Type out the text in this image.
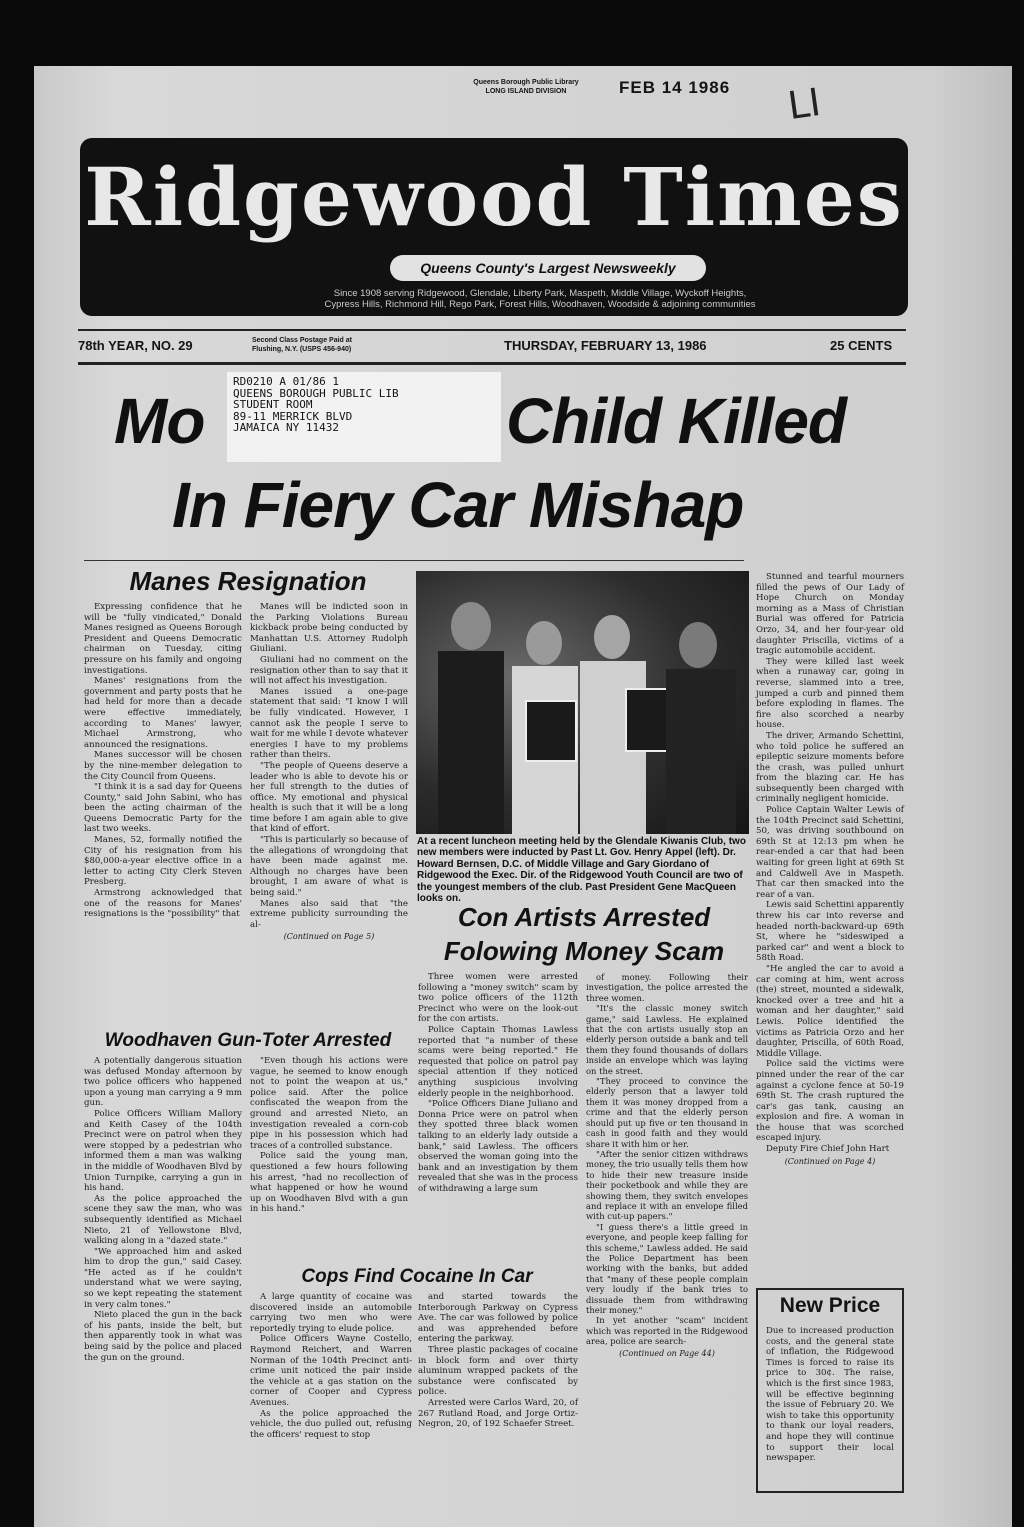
Queens Borough Public Library
LONG ISLAND DIVISION	FEB 14 1986 LI
Ridgewood Times
Queens County's Largest Newsweekly
Since 1908 serving Ridgewood, Glendale, Liberty Park, Maspeth, Middle Village, Wyckoff Heights,
Cypress Hills, Richmond Hill, Rego Park, Forest Hills, Woodhaven, Woodside & adjoining communities
78th YEAR, NO. 29	Second Class Postage Paid at
Flushing, N.Y. (USPS 456-940)	THURSDAY, FEBRUARY 13, 1986	25 CENTS
Mo	Child Killed
In Fiery Car Mishap
RD0210 A 01/86 1
QUEENS BOROUGH PUBLIC LIB
STUDENT ROOM
89-11 MERRICK BLVD
JAMAICA NY 11432
Manes Resignation

Expressing confidence that he will be "fully vindicated," Donald Manes resigned as Queens Borough President and Queens Democratic chairman on Tuesday, citing pressure on his family and ongoing investigations.

Manes' resignations from the government and party posts that he had held for more than a decade were effective immediately, according to Manes' lawyer, Michael Armstrong, who announced the resignations.

Manes successor will be chosen by the nine-member delegation to the City Council from Queens.

"I think it is a sad day for Queens County," said John Sabini, who has been the acting chairman of the Queens Democratic Party for the last two weeks.

Manes, 52, formally notified the City of his resignation from his $80,000-a-year elective office in a letter to acting City Clerk Steven Presberg.

Armstrong acknowledged that one of the reasons for Manes' resignations is the "possibility" that

Manes will be indicted soon in the Parking Violations Bureau kickback probe being conducted by Manhattan U.S. Attorney Rudolph Giuliani.

Giuliani had no comment on the resignation other than to say that it will not affect his investigation.

Manes issued a one-page statement that said: "I know I will be fully vindicated. However, I cannot ask the people I serve to wait for me while I devote whatever energies I have to my problems rather than theirs.

"The people of Queens deserve a leader who is able to devote his or her full strength to the duties of office. My emotional and physical health is such that it will be a long time before I am again able to give that kind of effort.

"This is particularly so because of the allegations of wrongdoing that have been made against me. Although no charges have been brought, I am aware of what is being said."

Manes also said that "the extreme publicity surrounding the al-

(Continued on Page 5)
At a recent luncheon meeting held by the Glendale Kiwanis Club, two new members were inducted by Past Lt. Gov. Henry Appel (left). Dr. Howard Bernsen, D.C. of Middle Village and Gary Giordano of Ridgewood the Exec. Dir. of the Ridgewood Youth Council are two of the youngest members of the club. Past President Gene MacQueen looks on.

Stunned and tearful mourners filled the pews of Our Lady of Hope Church on Monday morning as a Mass of Christian Burial was offered for Patricia Orzo, 34, and her four-year old daughter Priscilla, victims of a tragic automobile accident.

They were killed last week when a runaway car, going in reverse, slammed into a tree, jumped a curb and pinned them before exploding in flames. The fire also scorched a nearby house.

The driver, Armando Schettini, who told police he suffered an epileptic seizure moments before the crash, was pulled unhurt from the blazing car. He has subsequently been charged with criminally negligent homicide.

Police Captain Walter Lewis of the 104th Precinct said Schettini, 50, was driving southbound on 69th St at 12:13 pm when he rear-ended a car that had been waiting for green light at 69th St and Caldwell Ave in Maspeth. That car then smacked into the rear of a van.

Lewis said Schettini apparently threw his car into reverse and headed north-backward-up 69th St, where he "sideswiped a parked car" and went a block to 58th Road.

"He angled the car to avoid a car coming at him, went across (the) street, mounted a sidewalk, knocked over a tree and hit a woman and her daughter," said Lewis. Police identified the victims as Patricia Orzo and her daughter, Priscilla, of 60th Road, Middle Village.

Police said the victims were pinned under the rear of the car against a cyclone fence at 50-19 69th St. The crash ruptured the car's gas tank, causing an explosion and fire. A woman in the house that was scorched escaped injury.

Deputy Fire Chief John Hart

(Continued on Page 4)
Con Artists Arrested
Folowing Money Scam

Three women were arrested following a "money switch" scam by two police officers of the 112th Precinct who were on the look-out for the con artists.

Police Captain Thomas Lawless reported that "a number of these scams were being reported." He requested that police on patrol pay special attention if they noticed anything suspicious involving elderly people in the neighborhood.

"Police Officers Diane Juliano and Donna Price were on patrol when they spotted three black women talking to an elderly lady outside a bank," said Lawless. The officers observed the woman going into the bank and an investigation by them revealed that she was in the process of withdrawing a large sum

of money. Following their investigation, the police arrested the three women.

"It's the classic money switch game," said Lawless. He explained that the con artists usually stop an elderly person outside a bank and tell them they found thousands of dollars inside an envelope which was laying on the street.

"They proceed to convince the elderly person that a lawyer told them it was money dropped from a crime and that the elderly person should put up five or ten thousand in cash in good faith and they would share it with him or her.

"After the senior citizen withdraws money, the trio usually tells them how to hide their new treasure inside their pocketbook and while they are showing them, they switch envelopes and replace it with an envelope filled with cut-up papers."

"I guess there's a little greed in everyone, and people keep falling for this scheme," Lawless added. He said the Police Department has been working with the banks, but added that "many of these people complain very loudly if the bank tries to dissuade them from withdrawing their money."

In yet another "scam" incident which was reported in the Ridgewood area, police are search-

(Continued on Page 44)
Woodhaven Gun-Toter Arrested

A potentially dangerous situation was defused Monday afternoon by two police officers who happened upon a young man carrying a 9 mm gun.

Police Officers William Mallory and Keith Casey of the 104th Precinct were on patrol when they were stopped by a pedestrian who informed them a man was walking in the middle of Woodhaven Blvd by Union Turnpike, carrying a gun in his hand.

As the police approached the scene they saw the man, who was subsequently identified as Michael Nieto, 21 of Yellowstone Blvd, walking along in a "dazed state."

"We approached him and asked him to drop the gun," said Casey. "He acted as if he couldn't understand what we were saying, so we kept repeating the statement in very calm tones."

Nieto placed the gun in the back of his pants, inside the belt, but then apparently took in what was being said by the police and placed the gun on the ground.

"Even though his actions were vague, he seemed to know enough not to point the weapon at us," police said. After the police confiscated the weapon from the ground and arrested Nieto, an investigation revealed a corn-cob pipe in his possession which had traces of a controlled substance.

Police said the young man, questioned a few hours following his arrest, "had no recollection of what happened or how he wound up on Woodhaven Blvd with a gun in his hand."

Cops Find Cocaine In Car

A large quantity of cocaine was discovered inside an automobile carrying two men who were reportedly trying to elude police.

Police Officers Wayne Costello, Raymond Reichert, and Warren Norman of the 104th Precinct anti-crime unit noticed the pair inside the vehicle at a gas station on the corner of Cooper and Cypress Avenues.

As the police approached the vehicle, the duo pulled out, refusing the officers' request to stop

and started towards the Interborough Parkway on Cypress Ave. The car was followed by police and was apprehended before entering the parkway.

Three plastic packages of cocaine in block form and over thirty aluminum wrapped packets of the substance were confiscated by police.

Arrested were Carlos Ward, 20, of 267 Rutland Road, and Jorge Ortiz-Negron, 20, of 192 Schaefer Street.

New Price
Due to increased production costs, and the general state of inflation, the Ridgewood Times is forced to raise its price to 30¢. The raise, which is the first since 1983, will be effective beginning the issue of February 20. We wish to take this opportunity to thank our loyal readers, and hope they will continue to support their local newspaper.
